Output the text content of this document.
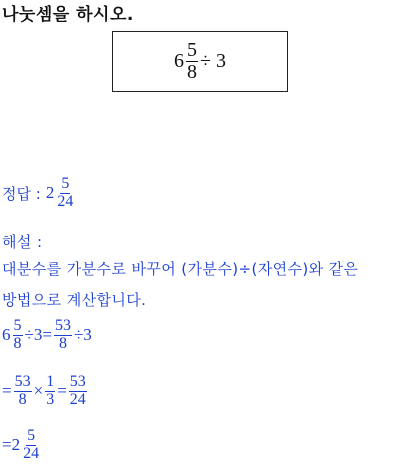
나눗셈을 하시오.
$6 \frac{5}{8} \div 3$
정답 : $2 \frac{5}{24}$
해설 :
대분수를 가분수로 바꾸어 (가분수)÷(자연수)와 같은
방법으로 계산합니다.
$6 \frac{5}{8} \div 3 = \frac{53}{8} \div 3$
= $\frac{53}{8} \times \frac{1}{3} = \frac{53}{24}$
= $2 \frac{5}{24}$
